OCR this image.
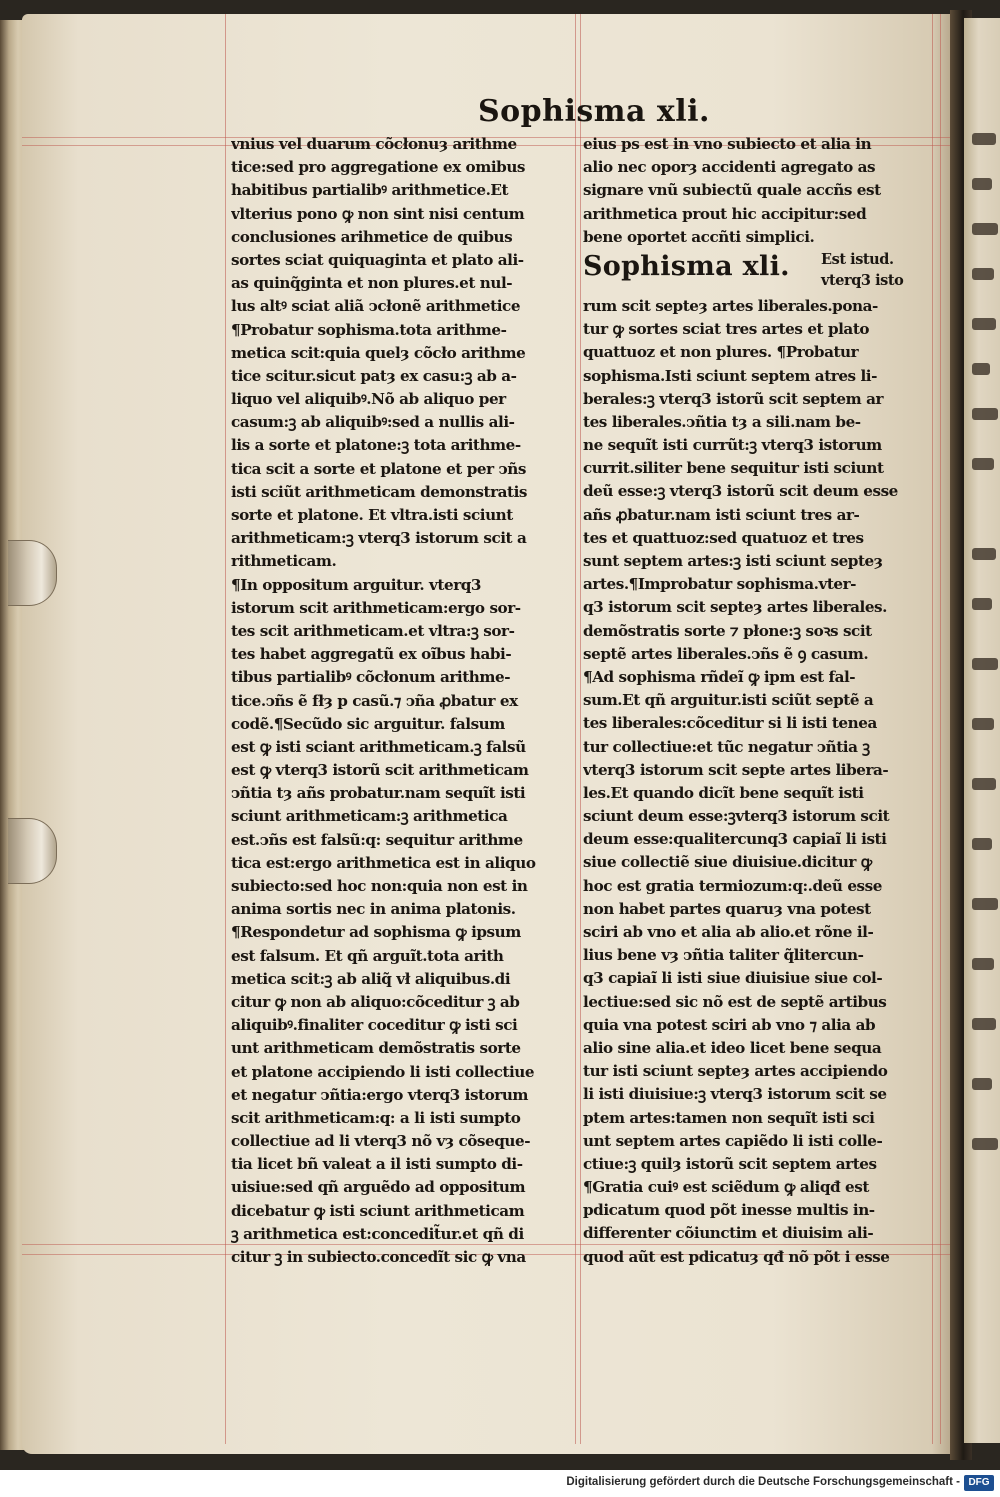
Sophisma xli.
vnius vel duarum cõcłonuȝ arithme
tice:sed pro aggregatione ex omibus
habitibus partialibꝰ arithmetice.Et
vlterius pono ꝙ non sint nisi centum
conclusiones arihmetice de quibus
sortes sciat quiquaginta et plato ali-
as quinq̃ginta et non plures.et nul-
lus altꝰ sciat aliã ↄcłonẽ arithmetice
¶Probatur sophisma.tota arithme-
metica scit:quia quelȝ cõcło arithme
tice scitur.sicut patȝ ex casu:ꝫ ab a-
liquo vel aliquibꝰ.Nõ ab aliquo per
casum:ꝫ ab aliquibꝰ:sed a nullis ali-
lis a sorte et platone:ꝫ tota arithme-
tica scit a sorte et platone et per ↄñs
isti sciũt arithmeticam demonstratis
sorte et platone. Et vltra.isti sciunt
arithmeticam:ꝫ vterq3 istorum scit a
rithmeticam.
¶In oppositum arguitur. vterq3
istorum scit arithmeticam:ergo sor-
tes scit arithmeticam.et vltra:ꝫ sor-
tes habet aggregatũ ex oĩbus habi-
tibus partialibꝰ cõcłonum arithme-
tice.ↄñs ẽ fłȝ p casũ.⁊ ↄña ꝓbatur ex
codẽ.¶Secũdo sic arguitur. falsum
est ꝙ isti sciant arithmeticam.ꝫ falsũ
est ꝙ vterq3 istorũ scit arithmeticam
ↄñtia tȝ añs probatur.nam sequĩt isti
sciunt arithmeticam:ꝫ arithmetica
est.ↄñs est falsũ:q: sequitur arithme
tica est:ergo arithmetica est in aliquo
subiecto:sed hoc non:quia non est in
anima sortis nec in anima platonis.
¶Respondetur ad sophisma ꝙ ipsum
est falsum. Et qñ arguĩt.tota arith
metica scit:ꝫ ab aliq̃ vł aliquibus.di
citur ꝙ non ab aliquo:cõceditur ꝫ ab
aliquibꝰ.finaliter coceditur ꝙ isti sci
unt arithmeticam demõstratis sorte
et platone accipiendo li isti collectiue
et negatur ↄñtia:ergo vterq3 istorum
scit arithmeticam:q: a li isti sumpto
collectiue ad li vterq3 nõ vȝ cõseque-
tia licet bñ valeat a il isti sumpto di-
uisiue:sed qñ arguẽdo ad oppositum
dicebatur ꝙ isti sciunt arithmeticam
ꝫ arithmetica est:concedit̃ur.et qñ di
citur ꝫ in subiecto.concedĩt sic ꝙ vna
eius ps est in vno subiecto et alia in
alio nec oporȝ accidenti agregato as
signare vnũ subiectũ quale accñs est
arithmetica prout hic accipitur:sed
bene oportet accñti simplici.
Sophisma xli. Est istud.
vterq3 isto
rum scit septeȝ artes liberales.pona-
tur ꝙ sortes sciat tres artes et plato
quattuoz et non plures. ¶Probatur
sophisma.Isti sciunt septem atres li-
berales:ꝫ vterq3 istorũ scit septem ar
tes liberales.ↄñtia tȝ a sili.nam be-
ne sequĩt isti currũt:ꝫ vterq3 istorum
currit.siliter bene sequitur isti sciunt
deũ esse:ꝫ vterq3 istorũ scit deum esse
añs ꝓbatur.nam isti sciunt tres ar-
tes et quattuoz:sed quatuoz et tres
sunt septem artes:ꝫ isti sciunt septeȝ
artes.¶Improbatur sophisma.vter-
q3 istorum scit septeȝ artes liberales.
demõstratis sorte ⁊ płone:ꝫ soꝛs scit
septẽ artes liberales.ↄñs ẽ ꝯ casum.
¶Ad sophisma rñdeĩ ꝙ ipm est fal-
sum.Et qñ arguitur.isti sciũt septẽ a
tes liberales:cõceditur si li isti tenea
tur collectiue:et tũc negatur ↄñtia ꝫ
vterq3 istorum scit septe artes libera-
les.Et quando dicĩt bene sequĩt isti
sciunt deum esse:ꝫvterq3 istorum scit
deum esse:qualitercunq3 capiaĩ li isti
siue collectiẽ siue diuisiue.dicitur ꝙ
hoc est gratia termiozum:q:.deũ esse
non habet partes quaruȝ vna potest
sciri ab vno et alia ab alio.et rõne il-
lius bene vȝ ↄñtia taliter q̃litercun-
q3 capiaĩ li isti siue diuisiue siue col-
lectiue:sed sic nõ est de septẽ artibus
quia vna potest sciri ab vno ⁊ alia ab
alio sine alia.et ideo licet bene sequa
tur isti sciunt septeȝ artes accipiendo
li isti diuisiue:ꝫ vterq3 istorum scit se
ptem artes:tamen non sequĩt isti sci
unt septem artes capiẽdo li isti colle-
ctiue:ꝫ quilȝ istorũ scit septem artes
¶Gratia cuiꝰ est sciẽdum ꝙ aliqđ est
pdicatum quod põt inesse multis in-
differenter cõiunctim et diuisim ali-
quod aũt est pdicatuȝ qđ nõ põt i esse
Digitalisierung gefördert durch die Deutsche Forschungsgemeinschaft - DFG
